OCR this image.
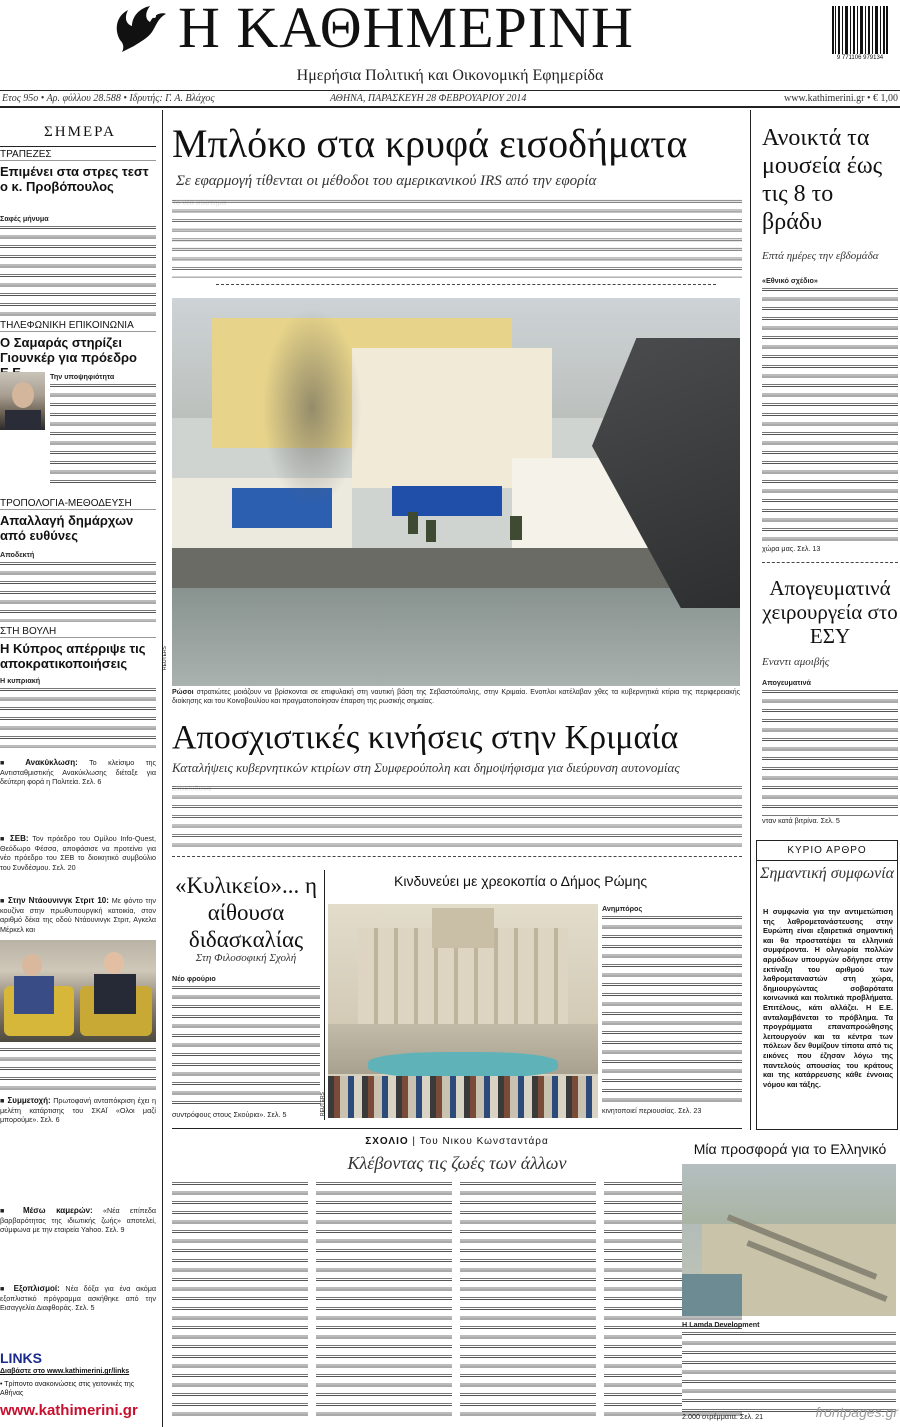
Η ΚΑΘΗΜΕΡΙΝΗ
Ημερήσια Πολιτική και Οικονομική Εφημερίδα
9 771106 979134
Ετος 95ο • Αρ. φύλλου 28.588 • Ιδρυτής: Γ. Α. Βλάχος	ΑΘΗΝΑ, ΠΑΡΑΣΚΕΥΗ 28 ΦΕΒΡΟΥΑΡΙΟΥ 2014	www.kathimerini.gr • € 1,00
ΣΗΜΕΡΑ
ΤΡΑΠΕΖΕΣ
Επιμένει στα στρες τεστ ο κ. Προβόπουλος
Σαφές μήνυμα
ΤΗΛΕΦΩΝΙΚΗ ΕΠΙΚΟΙΝΩΝΙΑ
Ο Σαμαράς στηρίζει Γιουνκέρ για πρόεδρο
Την υποψηφιότητα
ΤΡΟΠΟΛΟΓΙΑ-ΜΕΘΟΔΕΥΣΗ
Απαλλαγή δημάρχων από ευθύνες
Αποδεκτή
ΣΤΗ ΒΟΥΛΗ
Η Κύπρος απέρριψε τις αποκρατικοποιήσεις
Η κυπριακή
■ Ανακύκλωση: Το κλείσιμο της Αντισταθμιστικής Ανακύκλωσης διέταξε για δεύτερη φορά η Πολιτεία. Σελ. 6
■ ΣΕΒ: Τον πρόεδρο του Ομίλου Info-Quest, Θεόδωρο Φέσσα, αποφάσισε να προτείνει για νέο πρόεδρο του ΣΕΒ το διοικητικό συμβούλιο του Συνδέσμου. Σελ. 20
■ Στην Ντάουνινγκ Στριτ 10: Με φόντο την κουζίνα στην πρωθυπουργική κατοικία, στον αριθμό δέκα της οδού Ντάουνινγκ Στριτ, Αγκελα Μέρκελ και
■ Συμμετοχή: Πρωτοφανή ανταπόκριση έχει η μελέτη κατάρτισης του ΣΚΑΪ «Ολοι μαζί μπορούμε». Σελ. 6
■ Μέσω καμερών: «Νέα επίπεδα βαρβαρότητας της ιδιωτικής ζωής» αποτελεί, σύμφωνα με την εταιρεία Yahoo. Σελ. 9
■ Εξοπλισμοί: Νέα δόξα για ένα ακόμα εξοπλιστικό πρόγραμμα ασκήθηκε από την Εισαγγελία Διαφθοράς. Σελ. 5
LINKS
Διαβάστε στο www.kathimerini.gr/links
• Τρίποντο ανακοινώσεις στις γειτονικές της Αθήνας
www.kathimerini.gr
Μπλόκο στα κρυφά εισοδήματα
Σε εφαρμογή τίθενται οι μέθοδοι του αμερικανικού IRS από την εφορία
REUTERS
Ρώσοι στρατιώτες μοιάζουν να βρίσκονται σε επιφυλακή στη ναυτική βάση της Σεβαστούπολης, στην Κριμαία. Ενοπλοι κατέλαβαν χθες τα κυβερνητικά κτίρια της περιφερειακής διοίκησης και του Κοινοβουλίου και πραγματοποίησαν έπαρση της ρωσικής σημαίας.
Αποσχιστικές κινήσεις στην Κριμαία
Καταλήψεις κυβερνητικών κτιρίων στη Συμφερούπολη και δημοψήφισμα για διεύρυνση αυτονομίας
«Κυλικείο»... η αίθουσα διδασκαλίας
Στη Φιλοσοφική Σχολή
Νέο φρούριο
συντρόφους στους Σκούρια». Σελ. 5
Κινδυνεύει με χρεοκοπία ο Δήμος Ρώμης
REUTERS
Ανημπόρος
κινητοποιεί περιουσίας. Σελ. 23
ΣΧΟΛΙΟ | Του Νικου Κωνσταντάρα
Κλέβοντας τις ζωές των άλλων
Ανοικτά τα μουσεία έως τις 8 το βράδυ
Επτά ημέρες την εβδομάδα
«Εθνικό σχέδιο»
χώρα μας. Σελ. 13
Απογευματινά χειρουργεία στο ΕΣΥ
Εναντι αμοιβής
Απογευματινά
νταν κατά βιτρίνα. Σελ. 5
ΚΥΡΙΟ ΑΡΘΡΟ
Σημαντική συμφωνία
Η συμφωνία για την αντιμετώπιση της λαθρομετανάστευσης στην Ευρώπη είναι εξαιρετικά σημαντική και θα προστατέψει τα ελληνικά συμφέροντα. Η ολιγωρία πολλών αρμόδιων υπουργών οδήγησε στην εκτίναξη του αριθμού των λαθρομεταναστών στη χώρα, δημιουργώντας σοβαρότατα κοινωνικά και πολιτικά προβλήματα. Επιτέλους, κάτι αλλάζει. Η Ε.Ε. ανταλαμβάνεται το πρόβλημα. Τα προγράμματα επαναπροώθησης λειτουργούν και τα κέντρα των πόλεων δεν θυμίζουν τίποτα από τις εικόνες που έζησαν λόγω της παντελούς απουσίας του κράτους και της κατάρρευσης κάθε έννοιας νόμου και τάξης.
Μία προσφορά για το Ελληνικό
H Lamda Development
2.000 στρέμματα. Σελ. 21	frontpages.gr
